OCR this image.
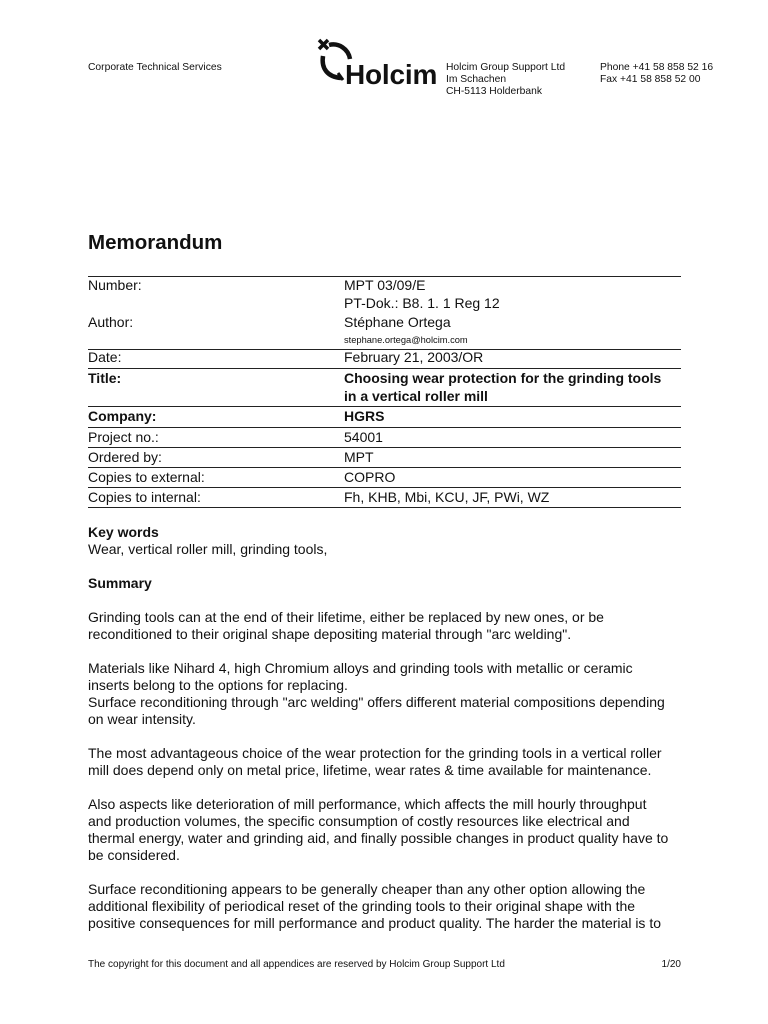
Corporate Technical Services	Holcim Holcim Group Support Ltd
Im Schachen
CH-5113 Holderbank
Phone +41 58 858 52 16
Fax +41 58 858 52 00
Memorandum
Number:	MPT 03/09/E
PT-Dok.: B8. 1. 1 Reg 12
Author:	Stéphane Ortega
stephane.ortega@holcim.com
Date:	February 21, 2003/OR
Title:	Choosing wear protection for the grinding tools
in a vertical roller mill
Company:	HGRS
Project no.:	54001
Ordered by:	MPT
Copies to external:	COPRO
Copies to internal:	Fh, KHB, Mbi, KCU, JF, PWi, WZ
Key words
Wear, vertical roller mill, grinding tools,
Summary
Grinding tools can at the end of their lifetime, either be replaced by new ones, or be
reconditioned to their original shape depositing material through "arc welding".
Materials like Nihard 4, high Chromium alloys and grinding tools with metallic or ceramic
inserts belong to the options for replacing.
Surface reconditioning through "arc welding" offers different material compositions depending
on wear intensity.
The most advantageous choice of the wear protection for the grinding tools in a vertical roller
mill does depend only on metal price, lifetime, wear rates & time available for maintenance.
Also aspects like deterioration of mill performance, which affects the mill hourly throughput
and production volumes, the specific consumption of costly resources like electrical and
thermal energy, water and grinding aid, and finally possible changes in product quality have to
be considered.
Surface reconditioning appears to be generally cheaper than any other option allowing the
additional flexibility of periodical reset of the grinding tools to their original shape with the
positive consequences for mill performance and product quality. The harder the material is to
The copyright for this document and all appendices are reserved by Holcim Group Support Ltd	1/20
